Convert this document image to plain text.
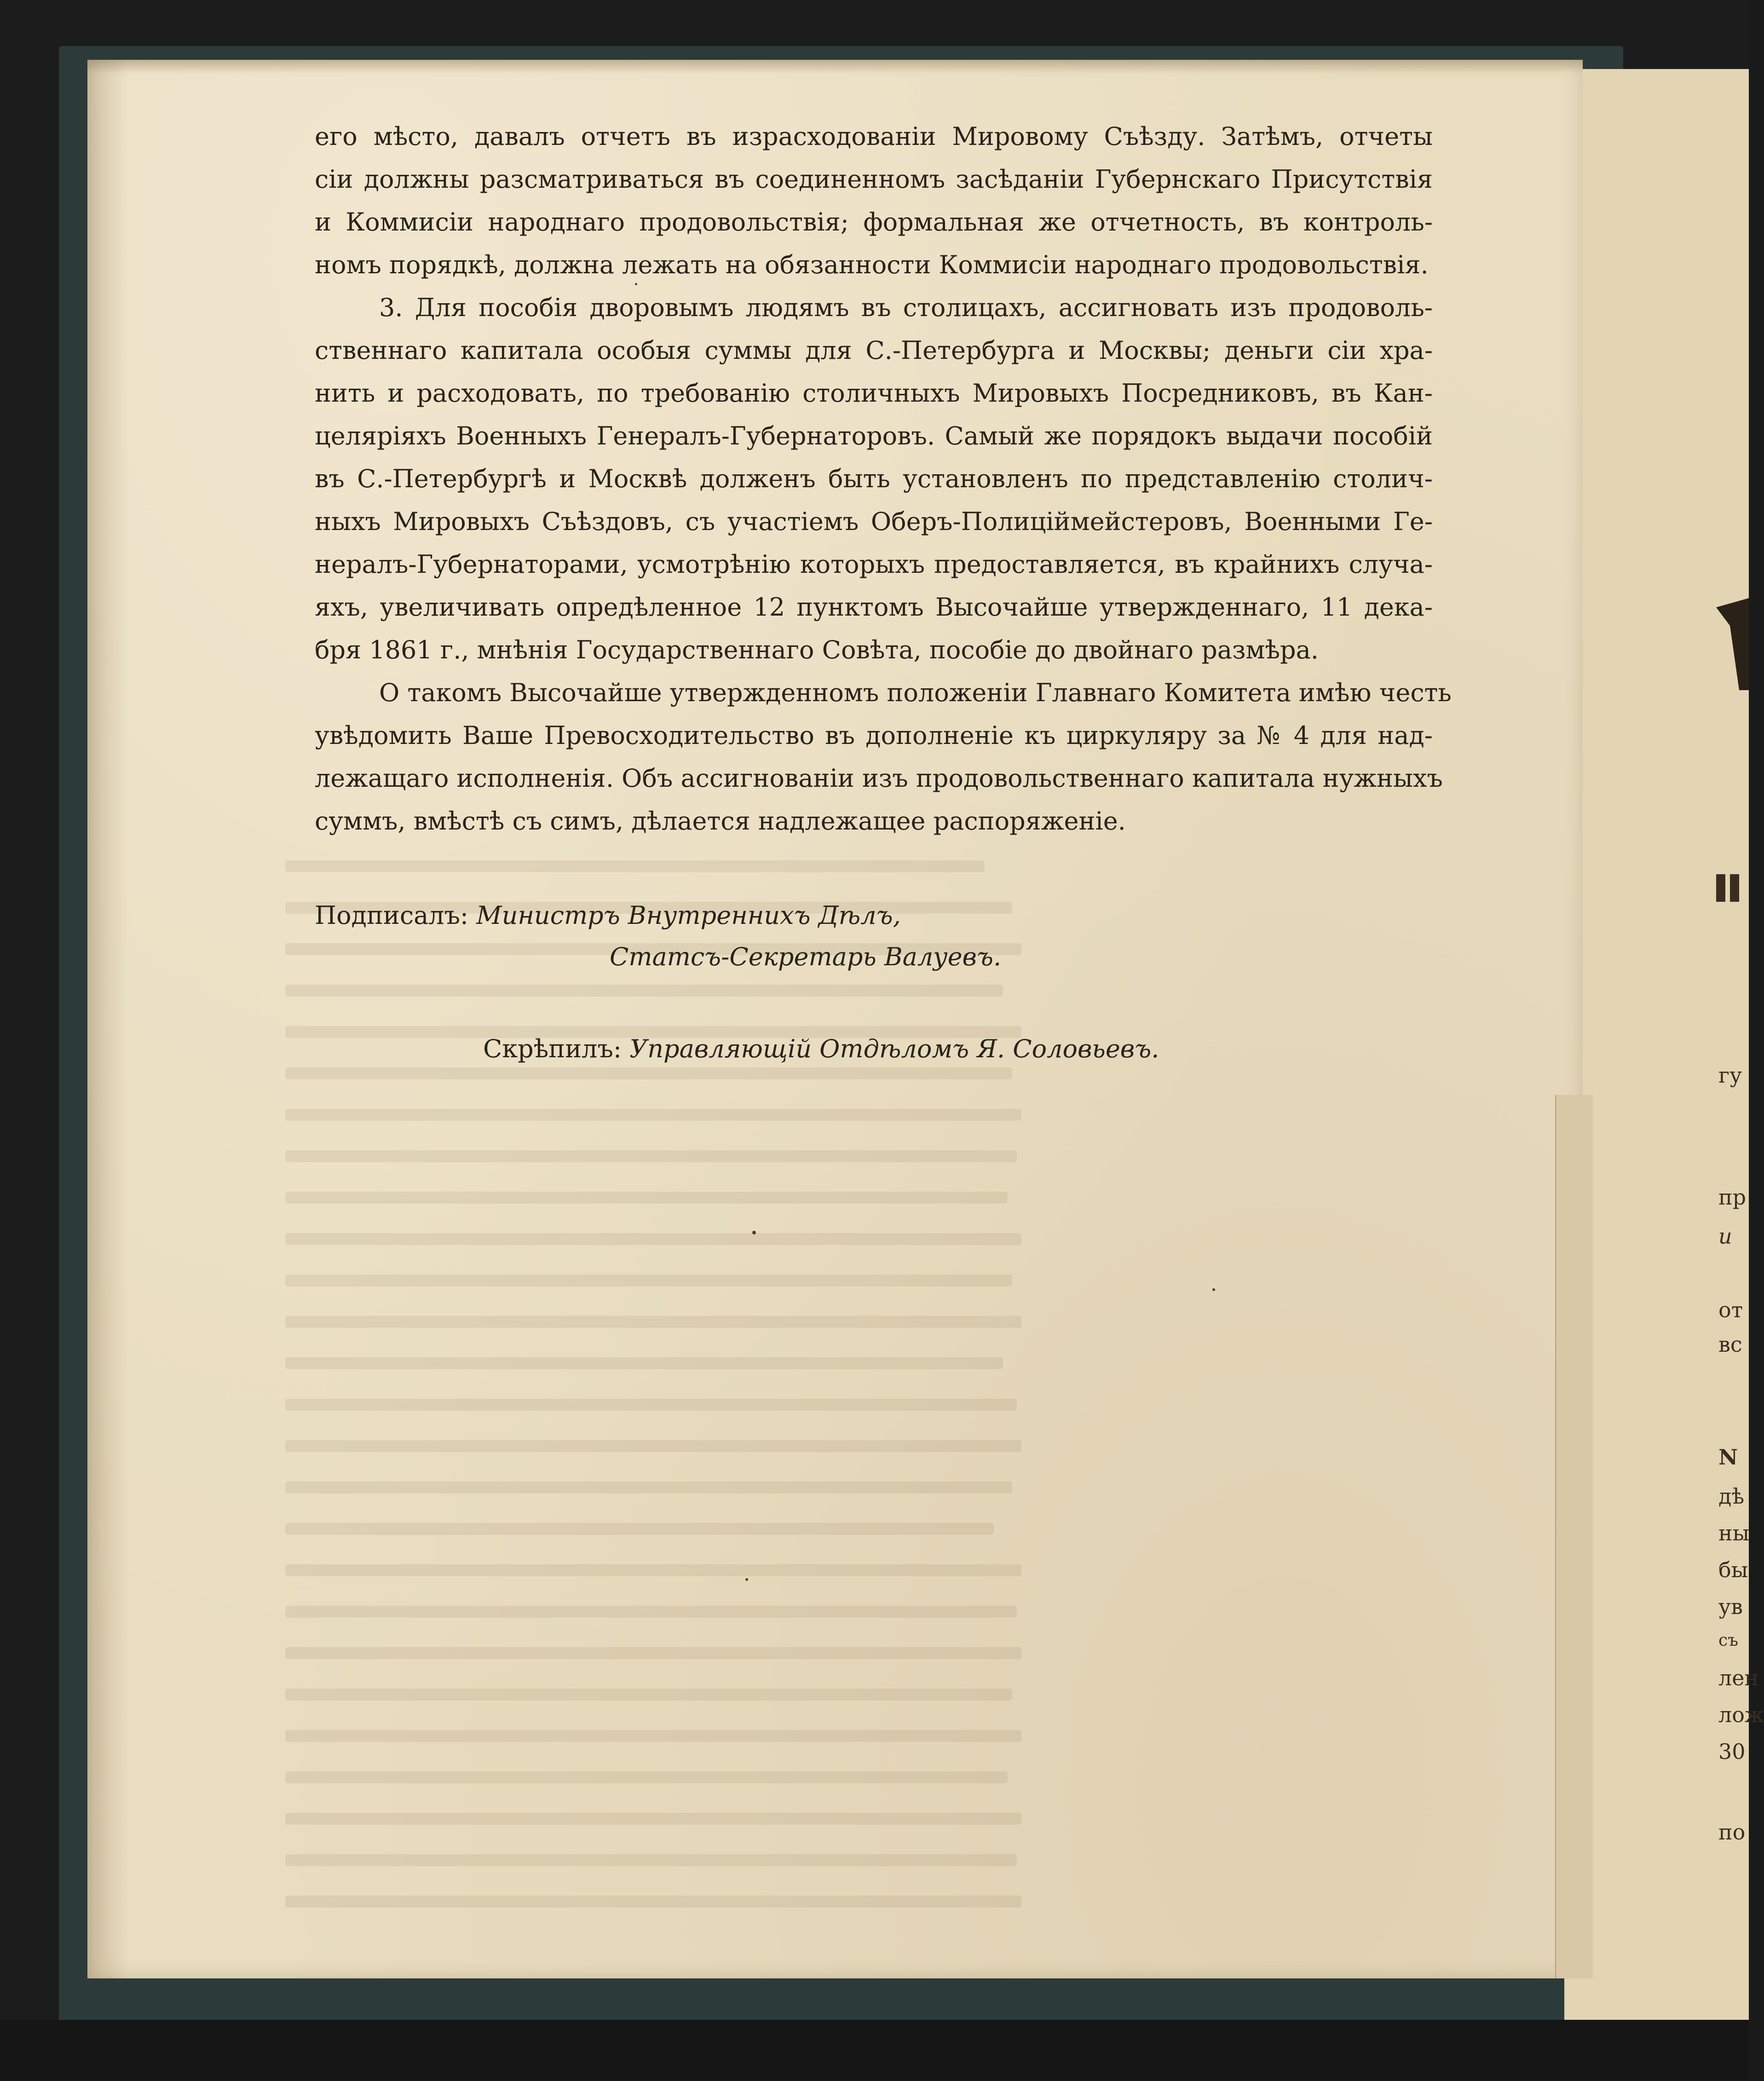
гу
пр
и
от
вс
N
дѣ
ны
бы
ув
съ
лен
лож
30
по
его мѣсто, давалъ отчетъ въ израсходованіи Мировому Съѣзду. Затѣмъ, отчеты
сіи должны разсматриваться въ соединенномъ засѣданіи Губернскаго Присутствія
и Коммисіи народнаго продовольствія; формальная же отчетность, въ контроль-
номъ порядкѣ, должна лежать на обязанности Коммисіи народнаго продовольствія.
3. Для пособія дворовымъ людямъ въ столицахъ, ассигновать изъ продоволь-
ственнаго капитала особыя суммы для С.-Петербурга и Москвы; деньги сіи хра-
нить и расходовать, по требованію столичныхъ Мировыхъ Посредниковъ, въ Кан-
целяріяхъ Военныхъ Генералъ-Губернаторовъ. Самый же порядокъ выдачи пособій
въ С.-Петербургѣ и Москвѣ долженъ быть установленъ по представленію столич-
ныхъ Мировыхъ Съѣздовъ, съ участіемъ Оберъ-Полиціймейстеровъ, Военными Ге-
нералъ-Губернаторами, усмотрѣнію которыхъ предоставляется, въ крайнихъ случа-
яхъ, увеличивать опредѣленное 12 пунктомъ Высочайше утвержденнаго, 11 дека-
бря 1861 г., мнѣнія Государственнаго Совѣта, пособіе до двойнаго размѣра.
О такомъ Высочайше утвержденномъ положеніи Главнаго Комитета имѣю честь
увѣдомить Ваше Превосходительство въ дополненіе къ циркуляру за № 4 для над-
лежащаго исполненія. Объ ассигнованіи изъ продовольственнаго капитала нужныхъ
суммъ, вмѣстѣ съ симъ, дѣлается надлежащее распоряженіе.
Подписалъ: Министръ Внутреннихъ Дѣлъ,
Статсъ-Секретарь Валуевъ.
Скрѣпилъ: Управляющій Отдѣломъ Я. Соловьевъ.
